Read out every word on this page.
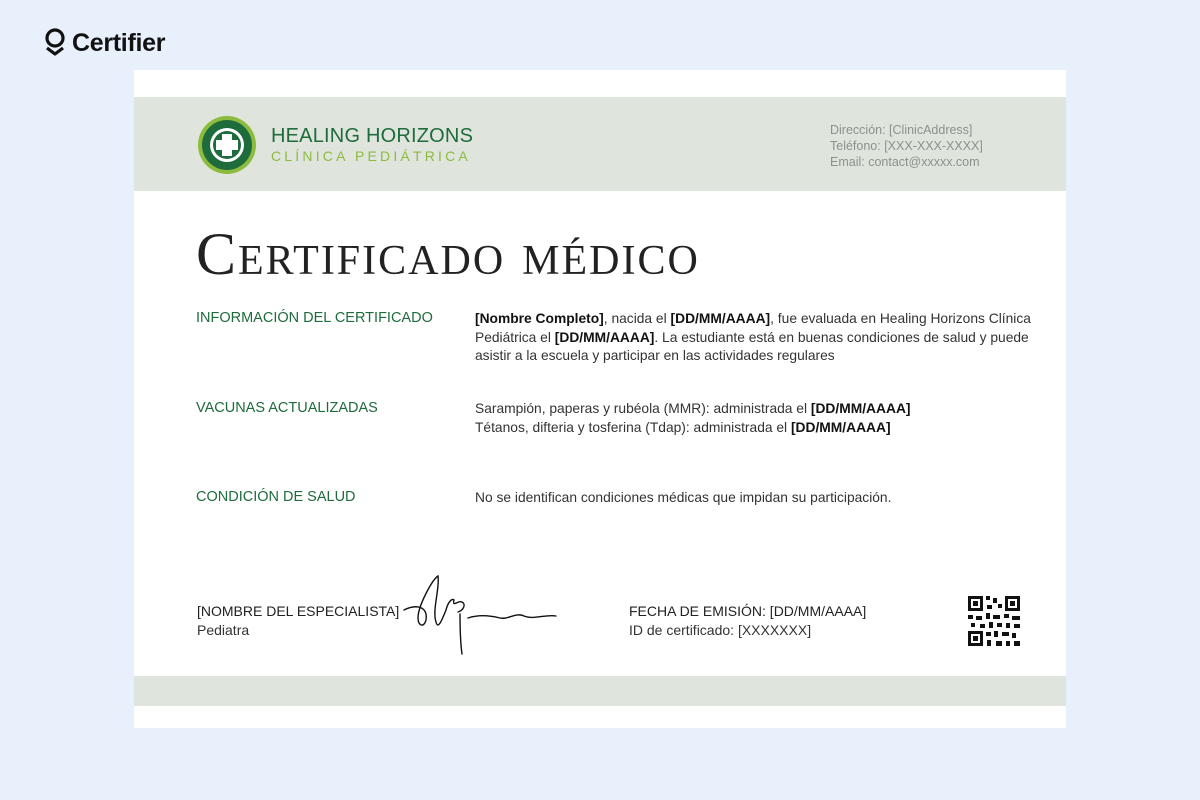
Certifier
HEALING HORIZONS
CLÍNICA PEDIÁTRICA
Dirección: [ClinicAddress]
Teléfono: [XXX-XXX-XXXX]
Email: contact@xxxxx.com
Certificado médico
INFORMACIÓN DEL CERTIFICADO	[Nombre Completo], nacida el [DD/MM/AAAA], fue evaluada en Healing Horizons Clínica Pediátrica el [DD/MM/AAAA]. La estudiante está en buenas condiciones de salud y puede asistir a la escuela y participar en las actividades regulares
VACUNAS ACTUALIZADAS	Sarampión, paperas y rubéola (MMR): administrada el [DD/MM/AAAA]
Tétanos, difteria y tosferina (Tdap): administrada el [DD/MM/AAAA]
CONDICIÓN DE SALUD	No se identifican condiciones médicas que impidan su participación.
[NOMBRE DEL ESPECIALISTA]
Pediatra
FECHA DE EMISIÓN: [DD/MM/AAAA]
ID de certificado: [XXXXXXX]
